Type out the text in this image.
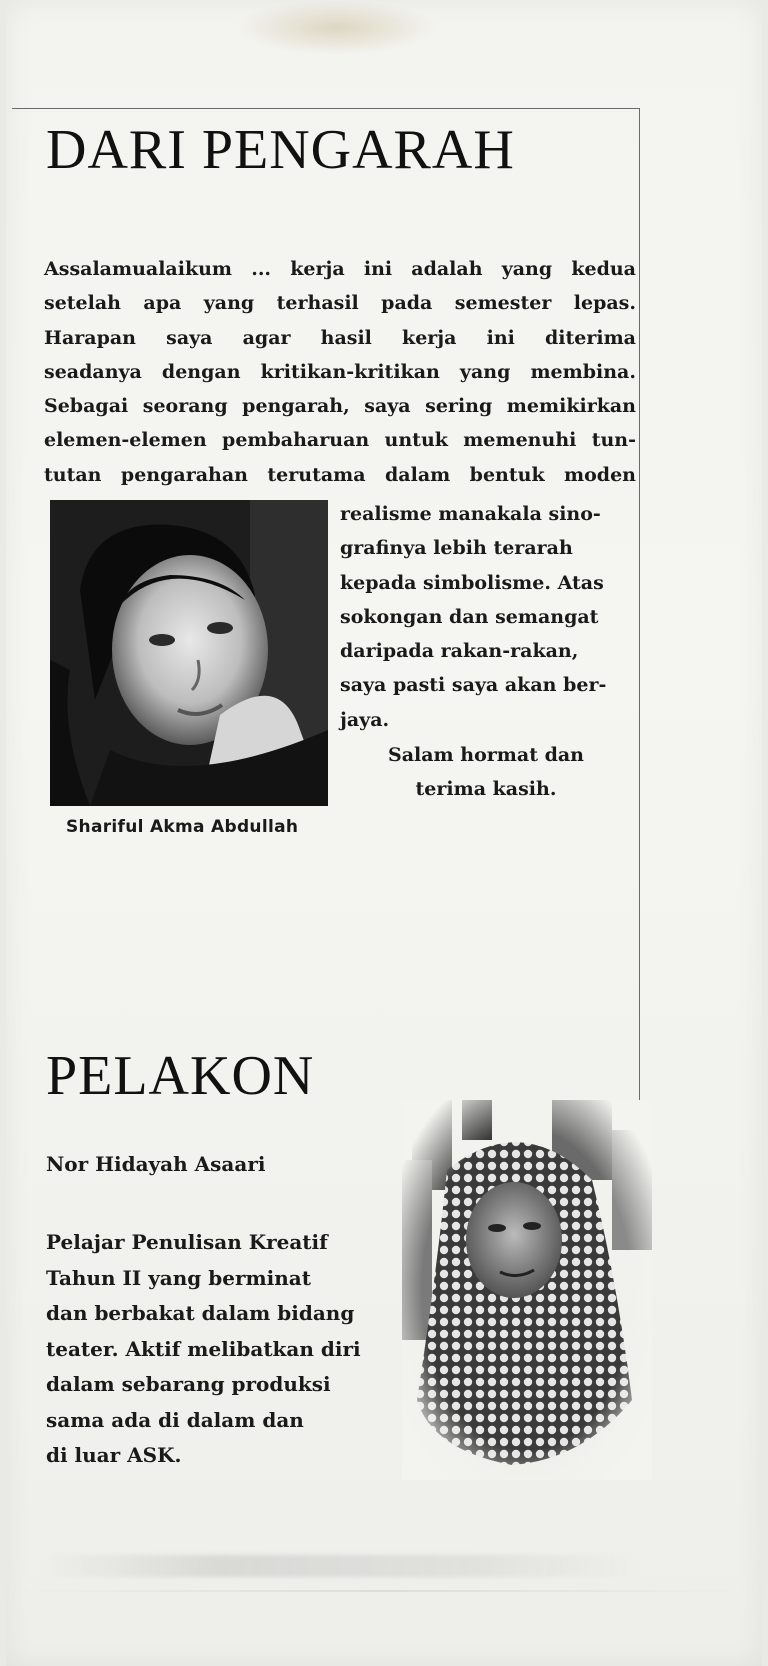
DARI PENGARAH

Assalamualaikum ... kerja ini adalah yang kedua
setelah apa yang terhasil pada semester lepas.
Harapan saya agar hasil kerja ini diterima
seadanya dengan kritikan-kritikan yang membina.
Sebagai seorang pengarah, saya sering memikirkan
elemen-elemen pembaharuan untuk memenuhi tun-
tutan pengarahan terutama dalam bentuk moden

Shariful Akma Abdullah

realisme manakala sino-
grafinya lebih terarah
kepada simbolisme. Atas
sokongan dan semangat
daripada rakan-rakan,
saya pasti saya akan ber-
jaya.

Salam hormat dan
terima kasih.

PELAKON

Nor Hidayah Asaari

Pelajar Penulisan Kreatif
Tahun II yang berminat
dan berbakat dalam bidang
teater. Aktif melibatkan diri
dalam sebarang produksi
sama ada di dalam dan
di luar ASK.
